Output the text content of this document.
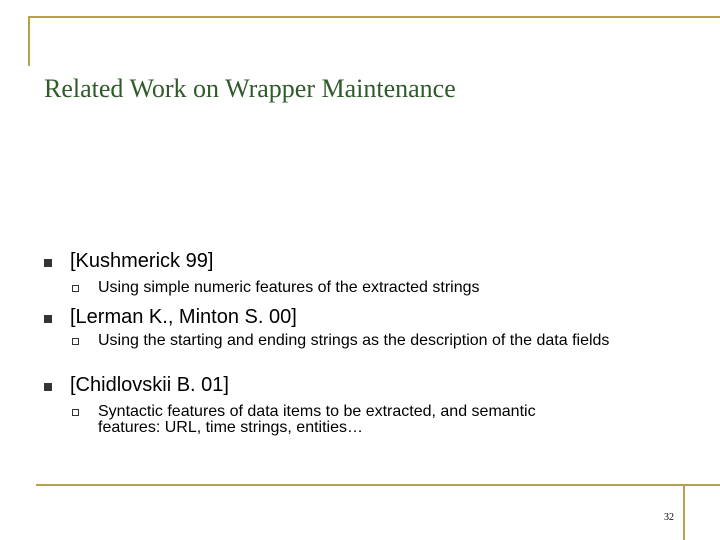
Related Work on Wrapper Maintenance
[Kushmerick 99]
Using simple numeric features of the extracted strings
[Lerman K., Minton S. 00]
Using the starting and ending strings as the description of the data fields
[Chidlovskii B. 01]
Syntactic features of data items to be extracted, and semantic features: URL, time strings, entities…
32
